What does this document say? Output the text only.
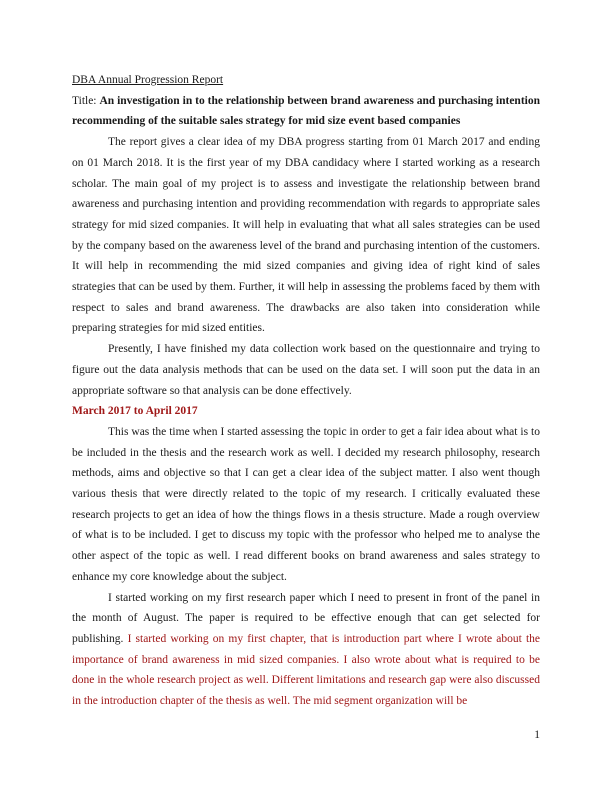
DBA Annual Progression Report
Title: An investigation in to the relationship between brand awareness and purchasing intention recommending of the suitable sales strategy for mid size event based companies

The report gives a clear idea of my DBA progress starting from 01 March 2017 and ending on 01 March 2018. It is the first year of my DBA candidacy where I started working as a research scholar. The main goal of my project is to assess and investigate the relationship between brand awareness and purchasing intention and providing recommendation with regards to appropriate sales strategy for mid sized companies. It will help in evaluating that what all sales strategies can be used by the company based on the awareness level of the brand and purchasing intention of the customers. It will help in recommending the mid sized companies and giving idea of right kind of sales strategies that can be used by them. Further, it will help in assessing the problems faced by them with respect to sales and brand awareness. The drawbacks are also taken into consideration while preparing strategies for mid sized entities.

Presently, I have finished my data collection work based on the questionnaire and trying to figure out the data analysis methods that can be used on the data set. I will soon put the data in an appropriate software so that analysis can be done effectively.

March 2017 to April 2017

This was the time when I started assessing the topic in order to get a fair idea about what is to be included in the thesis and the research work as well. I decided my research philosophy, research methods, aims and objective so that I can get a clear idea of the subject matter. I also went though various thesis that were directly related to the topic of my research. I critically evaluated these research projects to get an idea of how the things flows in a thesis structure. Made a rough overview of what is to be included. I get to discuss my topic with the professor who helped me to analyse the other aspect of the topic as well. I read different books on brand awareness and sales strategy to enhance my core knowledge about the subject.

I started working on my first research paper which I need to present in front of the panel in the month of August. The paper is required to be effective enough that can get selected for publishing. I started working on my first chapter, that is introduction part where I wrote about the importance of brand awareness in mid sized companies. I also wrote about what is required to be done in the whole research project as well. Different limitations and research gap were also discussed in the introduction chapter of the thesis as well. The mid segment organization will be

1
